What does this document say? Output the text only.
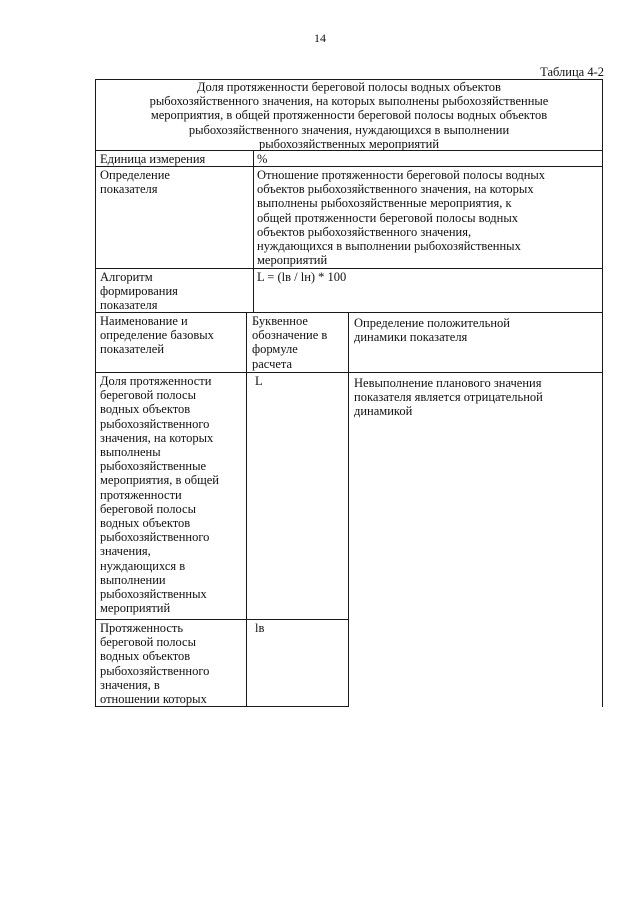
14
Таблица 4-2
Доля протяженности береговой полосы водных объектов
рыбохозяйственного значения, на которых выполнены рыбохозяйственные
мероприятия, в общей протяженности береговой полосы водных объектов
рыбохозяйственного значения, нуждающихся в выполнении
рыбохозяйственных мероприятий
Единица измерения	%
Определение
показателя
Отношение протяженности береговой полосы водных
объектов рыбохозяйственного значения, на которых
выполнены рыбохозяйственные мероприятия, к
общей протяженности береговой полосы водных
объектов рыбохозяйственного значения,
нуждающихся в выполнении рыбохозяйственных
мероприятий
Алгоритм
формирования
показателя
L = (lв / lн) * 100
Наименование и
определение базовых
показателей
Буквенное
обозначение в
формуле
расчета
Определение положительной
динамики показателя
Доля протяженности
береговой полосы
водных объектов
рыбохозяйственного
значения, на которых
выполнены
рыбохозяйственные
мероприятия, в общей
протяженности
береговой полосы
водных объектов
рыбохозяйственного
значения,
нуждающихся в
выполнении
рыбохозяйственных
мероприятий
L	Невыполнение планового значения
показателя является отрицательной
динамикой
Протяженность
береговой полосы
водных объектов
рыбохозяйственного
значения, в
отношении которых
lв
